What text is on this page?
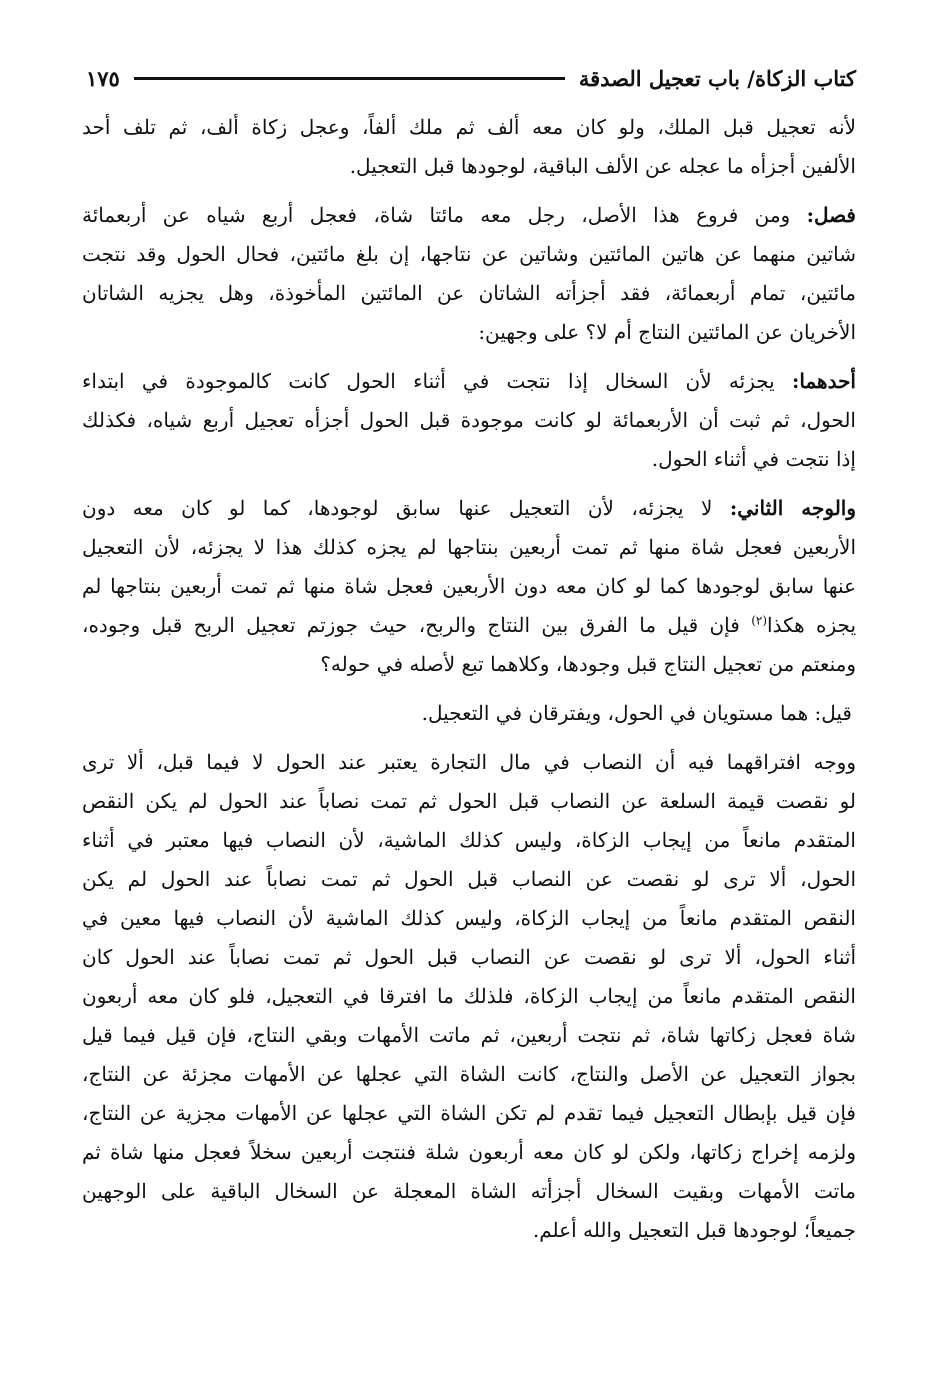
كتاب الزكاة/ باب تعجيل الصدقة
١٧٥
لأنه تعجيل قبل الملك، ولو كان معه ألف ثم ملك ألفاً، وعجل زكاة ألف، ثم تلف أحد
الألفين أجزأه ما عجله عن الألف الباقية، لوجودها قبل التعجيل.
فصل: ومن فروع هذا الأصل، رجل معه مائتا شاة، فعجل أربع شياه عن أربعمائة
شاتين منهما عن هاتين المائتين وشاتين عن نتاجها، إن بلغ مائتين، فحال الحول وقد نتجت
مائتين، تمام أربعمائة، فقد أجزأته الشاتان عن المائتين المأخوذة، وهل يجزيه الشاتان
الأخريان عن المائتين النتاج أم لا؟ على وجهين:
أحدهما: يجزئه لأن السخال إذا نتجت في أثناء الحول كانت كالموجودة في ابتداء
الحول، ثم ثبت أن الأربعمائة لو كانت موجودة قبل الحول أجزأه تعجيل أربع شياه، فكذلك
إذا نتجت في أثناء الحول.
والوجه الثاني: لا يجزئه، لأن التعجيل عنها سابق لوجودها، كما لو كان معه دون
الأربعين فعجل شاة منها ثم تمت أربعين بنتاجها لم يجزه كذلك هذا لا يجزئه، لأن التعجيل
عنها سابق لوجودها كما لو كان معه دون الأربعين فعجل شاة منها ثم تمت أربعين بنتاجها لم
يجزه هكذا$^{(٢)}$ فإن قيل ما الفرق بين النتاج والربح، حيث جوزتم تعجيل الربح قبل وجوده،
ومنعتم من تعجيل النتاج قبل وجودها، وكلاهما تبع لأصله في حوله؟
قيل: هما مستويان في الحول، ويفترقان في التعجيل.
ووجه افتراقهما فيه أن النصاب في مال التجارة يعتبر عند الحول لا فيما قبل، ألا ترى
لو نقصت قيمة السلعة عن النصاب قبل الحول ثم تمت نصاباً عند الحول لم يكن النقص
المتقدم مانعاً من إيجاب الزكاة، وليس كذلك الماشية، لأن النصاب فيها معتبر في أثناء
الحول، ألا ترى لو نقصت عن النصاب قبل الحول ثم تمت نصاباً عند الحول لم يكن
النقص المتقدم مانعاً من إيجاب الزكاة، وليس كذلك الماشية لأن النصاب فيها معين في
أثناء الحول، ألا ترى لو نقصت عن النصاب قبل الحول ثم تمت نصاباً عند الحول كان
النقص المتقدم مانعاً من إيجاب الزكاة، فلذلك ما افترقا في التعجيل، فلو كان معه أربعون
شاة فعجل زكاتها شاة، ثم نتجت أربعين، ثم ماتت الأمهات وبقي النتاج، فإن قيل فيما قيل
بجواز التعجيل عن الأصل والنتاج، كانت الشاة التي عجلها عن الأمهات مجزئة عن النتاج،
فإن قيل بإبطال التعجيل فيما تقدم لم تكن الشاة التي عجلها عن الأمهات مجزية عن النتاج،
ولزمه إخراج زكاتها، ولكن لو كان معه أربعون شلة فنتجت أربعين سخلاً فعجل منها شاة ثم
ماتت الأمهات وبقيت السخال أجزأته الشاة المعجلة عن السخال الباقية على الوجهين
جميعاً؛ لوجودها قبل التعجيل والله أعلم.
